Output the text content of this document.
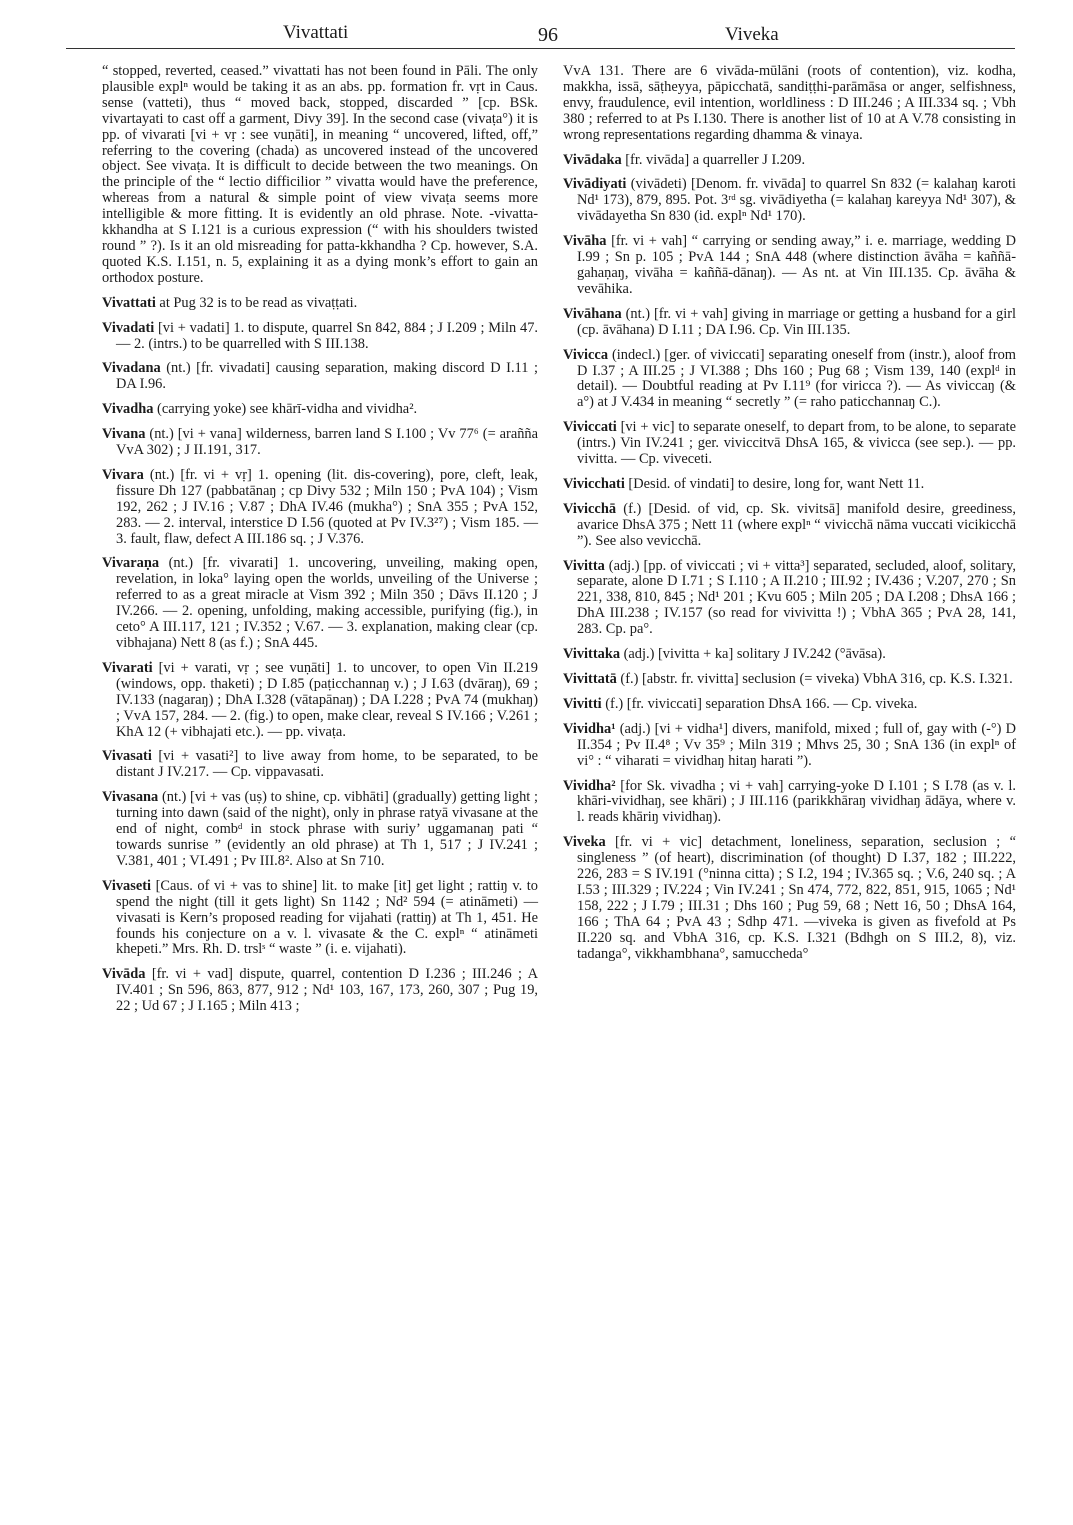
Vivattati	96	Viveka

“ stopped, reverted, ceased.” vivattati has not been found in Pāli. The only plausible explⁿ would be taking it as an abs. pp. formation fr. vṛt in Caus. sense (vatteti), thus “ moved back, stopped, discarded ” [cp. BSk. vivartayati to cast off a garment, Divy 39]. In the second case (vivaṭa°) it is pp. of vivarati [vi + vṛ : see vuṇāti], in meaning “ uncovered, lifted, off,” referring to the covering (chada) as uncovered instead of the uncovered object. See vivaṭa. It is difficult to decide between the two meanings. On the principle of the “ lectio difficilior ” vivatta would have the preference, whereas from a natural & simple point of view vivaṭa seems more intelligible & more fitting. It is evidently an old phrase. Note. -vivatta-kkhandha at S I.121 is a curious expression (“ with his shoulders twisted round ” ?). Is it an old misreading for patta-kkhandha ? Cp. however, S.A. quoted K.S. I.151, n. 5, explaining it as a dying monk’s effort to gain an orthodox posture.

Vivattati at Pug 32 is to be read as vivaṭṭati.

Vivadati [vi + vadati] 1. to dispute, quarrel Sn 842, 884 ; J I.209 ; Miln 47. — 2. (intrs.) to be quarrelled with S III.138.

Vivadana (nt.) [fr. vivadati] causing separation, making discord D I.11 ; DA I.96.

Vivadha (carrying yoke) see khārī-vidha and vividha².

Vivana (nt.) [vi + vana] wilderness, barren land S I.100 ; Vv 77⁶ (= arañña VvA 302) ; J II.191, 317.

Vivara (nt.) [fr. vi + vṛ] 1. opening (lit. dis-covering), pore, cleft, leak, fissure Dh 127 (pabbatānaŋ ; cp Divy 532 ; Miln 150 ; PvA 104) ; Vism 192, 262 ; J IV.16 ; V.87 ; DhA IV.46 (mukha°) ; SnA 355 ; PvA 152, 283. — 2. interval, interstice D I.56 (quoted at Pv IV.3²⁷) ; Vism 185. — 3. fault, flaw, defect A III.186 sq. ; J V.376.

Vivaraṇa (nt.) [fr. vivarati] 1. uncovering, unveiling, making open, revelation, in loka° laying open the worlds, unveiling of the Universe ; referred to as a great miracle at Vism 392 ; Miln 350 ; Dāvs II.120 ; J IV.266. — 2. opening, unfolding, making accessible, purifying (fig.), in ceto° A III.117, 121 ; IV.352 ; V.67. — 3. explanation, making clear (cp. vibhajana) Nett 8 (as f.) ; SnA 445.

Vivarati [vi + varati, vṛ ; see vuṇāti] 1. to uncover, to open Vin II.219 (windows, opp. thaketi) ; D I.85 (paṭicchannaŋ v.) ; J I.63 (dvāraŋ), 69 ; IV.133 (nagaraŋ) ; DhA I.328 (vātapānaŋ) ; DA I.228 ; PvA 74 (mukhaŋ) ; VvA 157, 284. — 2. (fig.) to open, make clear, reveal S IV.166 ; V.261 ; KhA 12 (+ vibhajati etc.). — pp. vivaṭa.

Vivasati [vi + vasati²] to live away from home, to be separated, to be distant J IV.217. — Cp. vippavasati.

Vivasana (nt.) [vi + vas (uṣ) to shine, cp. vibhāti] (gradually) getting light ; turning into dawn (said of the night), only in phrase ratyā vivasane at the end of night, combᵈ in stock phrase with suriy’ uggamanaŋ pati “ towards sunrise ” (evidently an old phrase) at Th 1, 517 ; J IV.241 ; V.381, 401 ; VI.491 ; Pv III.8². Also at Sn 710.

Vivaseti [Caus. of vi + vas to shine] lit. to make [it] get light ; rattiŋ v. to spend the night (till it gets light) Sn 1142 ; Nd² 594 (= atināmeti) — vivasati is Kern’s proposed reading for vijahati (rattiŋ) at Th 1, 451. He founds his conjecture on a v. l. vivasate & the C. explⁿ “ atināmeti khepeti.” Mrs. Rh. D. trslˢ “ waste ” (i. e. vijahati).

Vivāda [fr. vi + vad] dispute, quarrel, contention D I.236 ; III.246 ; A IV.401 ; Sn 596, 863, 877, 912 ; Nd¹ 103, 167, 173, 260, 307 ; Pug 19, 22 ; Ud 67 ; J I.165 ; Miln 413 ;

VvA 131. There are 6 vivāda-mūlāni (roots of contention), viz. kodha, makkha, issā, sāṭheyya, pāpicchatā, sandiṭṭhi-parāmāsa or anger, selfishness, envy, fraudulence, evil intention, worldliness : D III.246 ; A III.334 sq. ; Vbh 380 ; referred to at Ps I.130. There is another list of 10 at A V.78 consisting in wrong representations regarding dhamma & vinaya.

Vivādaka [fr. vivāda] a quarreller J I.209.

Vivādiyati (vivādeti) [Denom. fr. vivāda] to quarrel Sn 832 (= kalahaŋ karoti Nd¹ 173), 879, 895. Pot. 3ʳᵈ sg. vivādiyetha (= kalahaŋ kareyya Nd¹ 307), & vivādayetha Sn 830 (id. explⁿ Nd¹ 170).

Vivāha [fr. vi + vah] “ carrying or sending away,” i. e. marriage, wedding D I.99 ; Sn p. 105 ; PvA 144 ; SnA 448 (where distinction āvāha = kaññā-gahaṇaŋ, vivāha = kaññā-dānaŋ). — As nt. at Vin III.135. Cp. āvāha & vevāhika.

Vivāhana (nt.) [fr. vi + vah] giving in marriage or getting a husband for a girl (cp. āvāhana) D I.11 ; DA I.96. Cp. Vin III.135.

Vivicca (indecl.) [ger. of viviccati] separating oneself from (instr.), aloof from D I.37 ; A III.25 ; J VI.388 ; Dhs 160 ; Pug 68 ; Vism 139, 140 (explᵈ in detail). — Doubtful reading at Pv I.11⁹ (for viricca ?). — As viviccaŋ (& a°) at J V.434 in meaning “ secretly ” (= raho paticchannaŋ C.).

Viviccati [vi + vic] to separate oneself, to depart from, to be alone, to separate (intrs.) Vin IV.241 ; ger. viviccitvā DhsA 165, & vivicca (see sep.). — pp. vivitta. — Cp. viveceti.

Vivicchati [Desid. of vindati] to desire, long for, want Nett 11.

Vivicchā (f.) [Desid. of vid, cp. Sk. vivitsā] manifold desire, greediness, avarice DhsA 375 ; Nett 11 (where explⁿ “ vivicchā nāma vuccati vicikicchā ”). See also vevicchā.

Vivitta (adj.) [pp. of viviccati ; vi + vitta³] separated, secluded, aloof, solitary, separate, alone D I.71 ; S I.110 ; A II.210 ; III.92 ; IV.436 ; V.207, 270 ; Sn 221, 338, 810, 845 ; Nd¹ 201 ; Kvu 605 ; Miln 205 ; DA I.208 ; DhsA 166 ; DhA III.238 ; IV.157 (so read for vivivitta !) ; VbhA 365 ; PvA 28, 141, 283. Cp. pa°.

Vivittaka (adj.) [vivitta + ka] solitary J IV.242 (°āvāsa).

Vivittatā (f.) [abstr. fr. vivitta] seclusion (= viveka) VbhA 316, cp. K.S. I.321.

Vivitti (f.) [fr. viviccati] separation DhsA 166. — Cp. viveka.

Vividha¹ (adj.) [vi + vidha¹] divers, manifold, mixed ; full of, gay with (-°) D II.354 ; Pv II.4⁸ ; Vv 35⁹ ; Miln 319 ; Mhvs 25, 30 ; SnA 136 (in explⁿ of vi° : “ viharati = vividhaŋ hitaŋ harati ”).

Vividha² [for Sk. vivadha ; vi + vah] carrying-yoke D I.101 ; S I.78 (as v. l. khāri-vividhaŋ, see khāri) ; J III.116 (parikkhāraŋ vividhaŋ ādāya, where v. l. reads khāriŋ vividhaŋ).

Viveka [fr. vi + vic] detachment, loneliness, separation, seclusion ; “ singleness ” (of heart), discrimination (of thought) D I.37, 182 ; III.222, 226, 283 = S IV.191 (°ninna citta) ; S I.2, 194 ; IV.365 sq. ; V.6, 240 sq. ; A I.53 ; III.329 ; IV.224 ; Vin IV.241 ; Sn 474, 772, 822, 851, 915, 1065 ; Nd¹ 158, 222 ; J I.79 ; III.31 ; Dhs 160 ; Pug 59, 68 ; Nett 16, 50 ; DhsA 164, 166 ; ThA 64 ; PvA 43 ; Sdhp 471. —viveka is given as fivefold at Ps II.220 sq. and VbhA 316, cp. K.S. I.321 (Bdhgh on S III.2, 8), viz. tadanga°, vikkhambhana°, samuccheda°
